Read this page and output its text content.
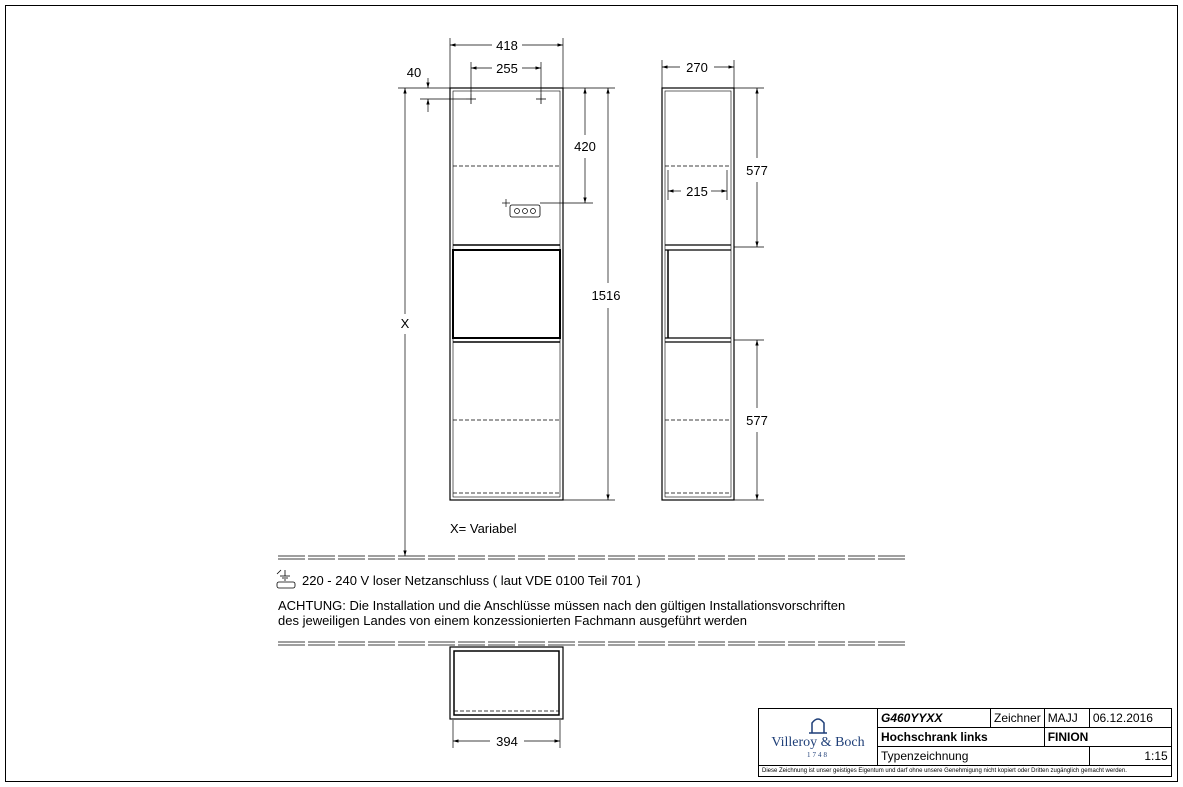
418
255
40
420
1516
X
270
577
215
577
X= Variabel
394
220 - 240 V loser Netzanschluss ( laut VDE 0100 Teil 701 )
ACHTUNG: Die Installation und die Anschlüsse müssen nach den gültigen Installationsvorschriften
des jeweiligen Landes von einem konzessionierten Fachmann ausgeführt werden
Villeroy & Boch
1748	G460YYXX	Zeichner	MAJJ	06.12.2016
	Hochschrank links		FINION	
	Typenzeichnung			1:15
Diese Zeichnung ist unser geistiges Eigentum und darf ohne unsere Genehmigung nicht kopiert oder Dritten zugänglich gemacht werden.				
